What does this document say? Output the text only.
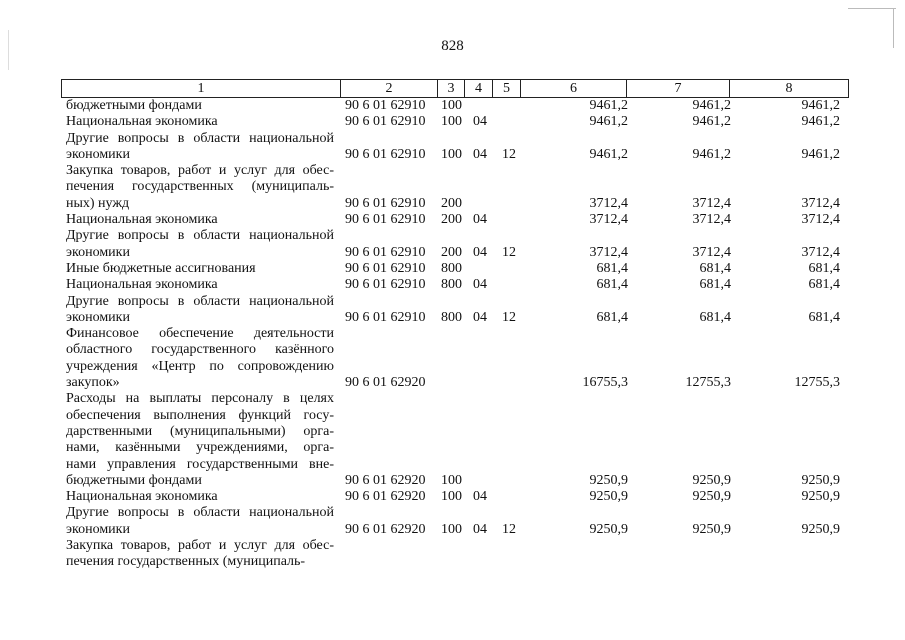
828
1	2	3	4	5	6	7	8
бюджетными фондами	90 6 01 62910 100	9461,2	9461,2	9461,2
Национальная экономика	90 6 01 62910 100 04	9461,2	9461,2	9461,2
Другие вопросы в области национальной
экономики	90 6 01 62910 100 04 12	9461,2	9461,2	9461,2
Закупка товаров, работ и услуг для обес-
печения государственных (муниципаль-
ных) нужд	90 6 01 62910 200	3712,4	3712,4	3712,4
Национальная экономика	90 6 01 62910 200 04	3712,4	3712,4	3712,4
Другие вопросы в области национальной
экономики	90 6 01 62910 200 04 12	3712,4	3712,4	3712,4
Иные бюджетные ассигнования	90 6 01 62910 800	681,4	681,4	681,4
Национальная экономика	90 6 01 62910 800 04	681,4	681,4	681,4
Другие вопросы в области национальной
экономики	90 6 01 62910 800 04 12	681,4	681,4	681,4
Финансовое обеспечение деятельности
областного государственного казённого
учреждения «Центр по сопровождению
закупок»	90 6 01 62920	16755,3	12755,3	12755,3
Расходы на выплаты персоналу в целях
обеспечения выполнения функций госу-
дарственными (муниципальными) орга-
нами, казёнными учреждениями, орга-
нами управления государственными вне-
бюджетными фондами	90 6 01 62920 100	9250,9	9250,9	9250,9
Национальная экономика	90 6 01 62920 100 04	9250,9	9250,9	9250,9
Другие вопросы в области национальной
экономики	90 6 01 62920 100 04 12	9250,9	9250,9	9250,9
Закупка товаров, работ и услуг для обес-
печения государственных (муниципаль-
